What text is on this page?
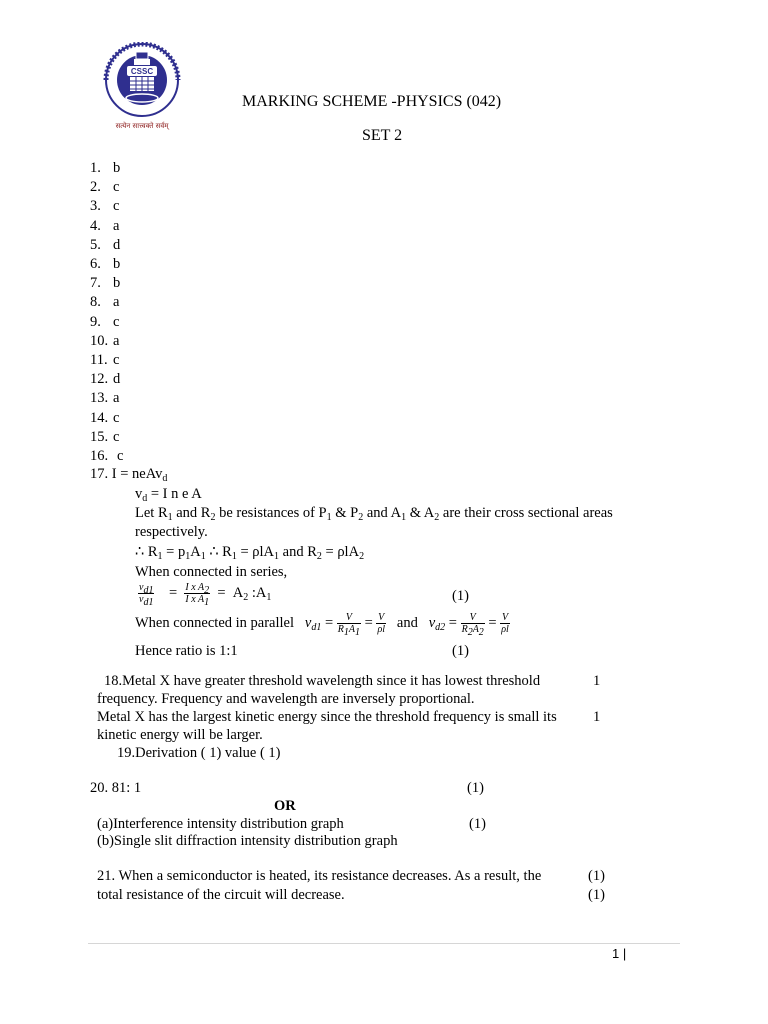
CSSC
सत्येन सात्त्वक्ते सर्वम्
MARKING SCHEME -PHYSICS (042)
SET 2
1. b
2. c
3. c
4. a
5. d
6. b
7. b
8. a
9. c
10. a
11. c
12. d
13. a
14. c
15. c
16. c
17. I = neAv$_d$
$v_d = I$ n e A
Let $R_1$ and $R_2$ be resistances of $P_1$ & $P_2$ and $A_1$ & $A_2$ are their cross sectional areas
respectively.
∴ $R_1 = p_1A_1$ ∴ $R_1 = \rho lA_1$ and $R_2 = \rho lA_2$
When connected in series,
$\frac{v_{d1}}{v_{d1}} = \frac{I x A_2}{I x A_1} = A_2$ $:A_1$	(1)
When connected in parallel $v_{d1} = \frac{V}{R_1A_1} = \frac{V}{\rho l}$ and $v_{d2} = \frac{V}{R_2A_2} = \frac{V}{\rho l}$
Hence ratio is 1:1	(1)
18.Metal X have greater threshold wavelength since it has lowest threshold	1
frequency. Frequency and wavelength are inversely proportional.
Metal X has the largest kinetic energy since the threshold frequency is small its	1
kinetic energy will be larger.
19.Derivation ( 1) value ( 1)
20. 81: 1	(1)
OR
(a)Interference intensity distribution graph	(1)
(b)Single slit diffraction intensity distribution graph
21. When a semiconductor is heated, its resistance decreases. As a result, the	(1)
total resistance of the circuit will decrease.	(1)
1 |
